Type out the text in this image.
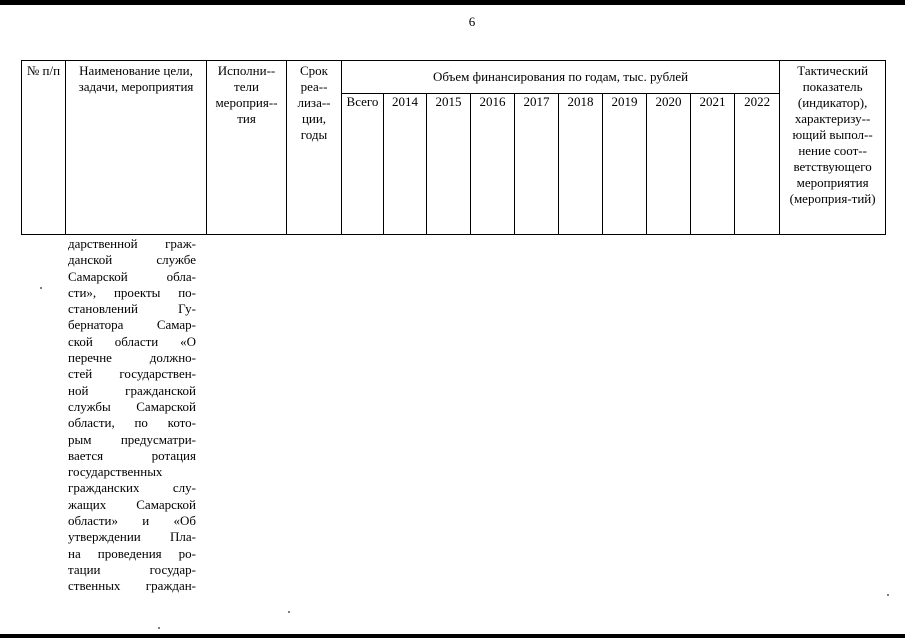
6
№ п/п	Наименование цели, задачи, мероприятия	Исполни-тели мероприя-тия	Срок реа-лиза-ции, годы	Объем финансирования по годам, тыс. рублей										Тактический показатель (индикатор), характеризу-ющий выпол-нение соот-ветствующего мероприятия (мероприя-тий)
				Всего	2014	2015	2016	2017	2018	2019	2020	2021	2022	
дарственной граж-
данской службе
Самарской обла-
сти», проекты по-
становлений Гу-
бернатора Самар-
ской области «О
перечне должно-
стей государствен-
ной гражданской
службы Самарской
области, по кото-
рым предусматри-
вается ротация
государственных
гражданских слу-
жащих Самарской
области» и «Об
утверждении Пла-
на проведения ро-
тации государ-
ственных граждан-
